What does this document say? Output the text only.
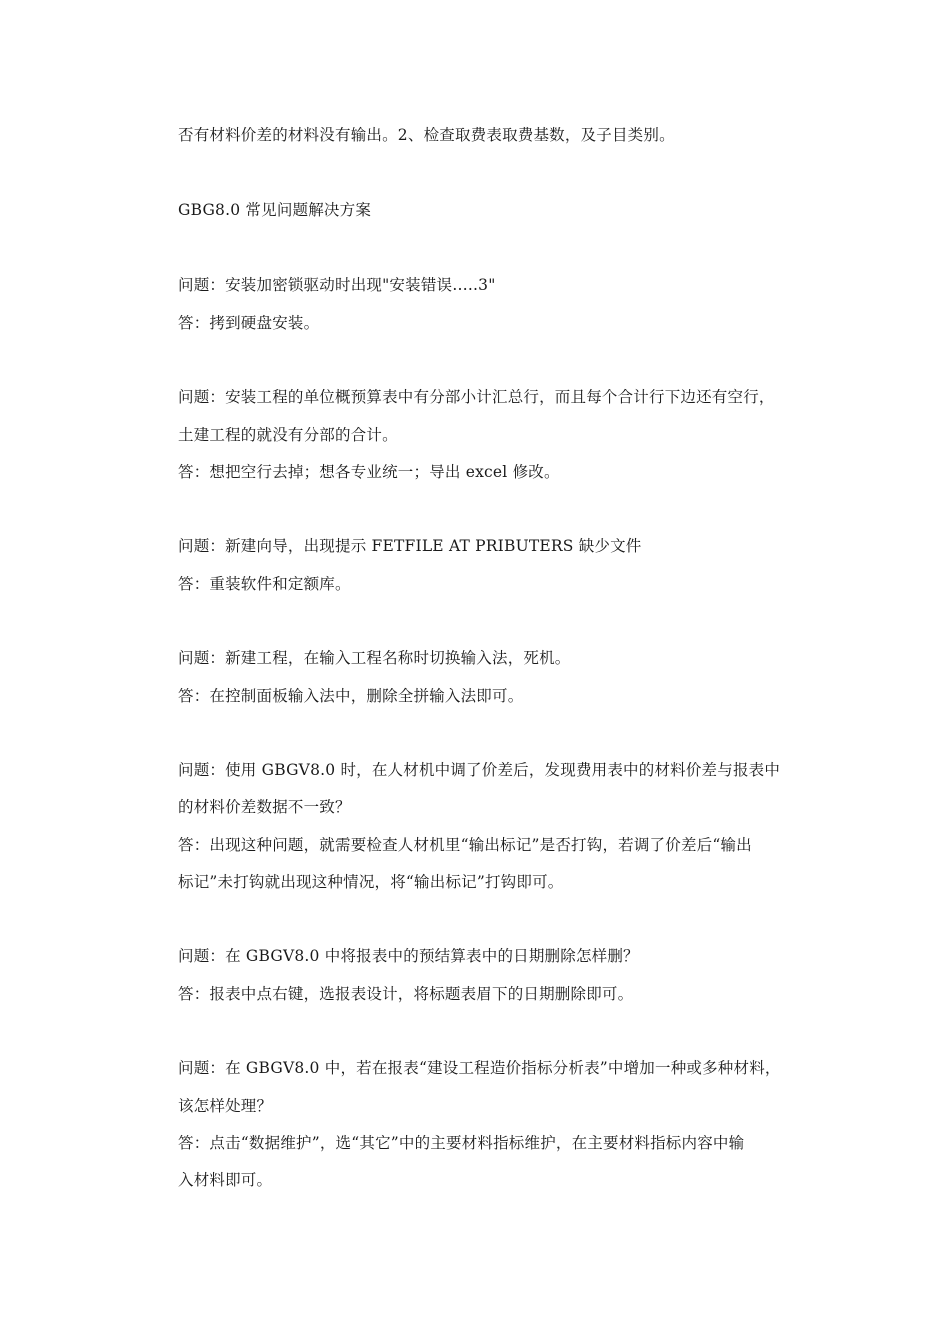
否有材料价差的材料没有输出。2、检查取费表取费基数，及子目类别。
GBG8.0 常见问题解决方案
问题：安装加密锁驱动时出现"安装错误…..3"
答：拷到硬盘安装。
问题：安装工程的单位概预算表中有分部小计汇总行，而且每个合计行下边还有空行，
土建工程的就没有分部的合计。
答：想把空行去掉；想各专业统一；导出 excel 修改。
问题：新建向导，出现提示 FETFILE AT PRIBUTERS 缺少文件
答：重装软件和定额库。
问题：新建工程，在输入工程名称时切换输入法，死机。
答：在控制面板输入法中，删除全拼输入法即可。
问题：使用 GBGV8.0 时，在人材机中调了价差后，发现费用表中的材料价差与报表中
的材料价差数据不一致？
答：出现这种问题，就需要检查人材机里“输出标记”是否打钩，若调了价差后“输出
标记”未打钩就出现这种情况，将“输出标记”打钩即可。
问题：在 GBGV8.0 中将报表中的预结算表中的日期删除怎样删？
答：报表中点右键，选报表设计，将标题表眉下的日期删除即可。
问题：在 GBGV8.0 中，若在报表“建设工程造价指标分析表”中增加一种或多种材料，
该怎样处理？
答：点击“数据维护”，选“其它”中的主要材料指标维护，在主要材料指标内容中输
入材料即可。
